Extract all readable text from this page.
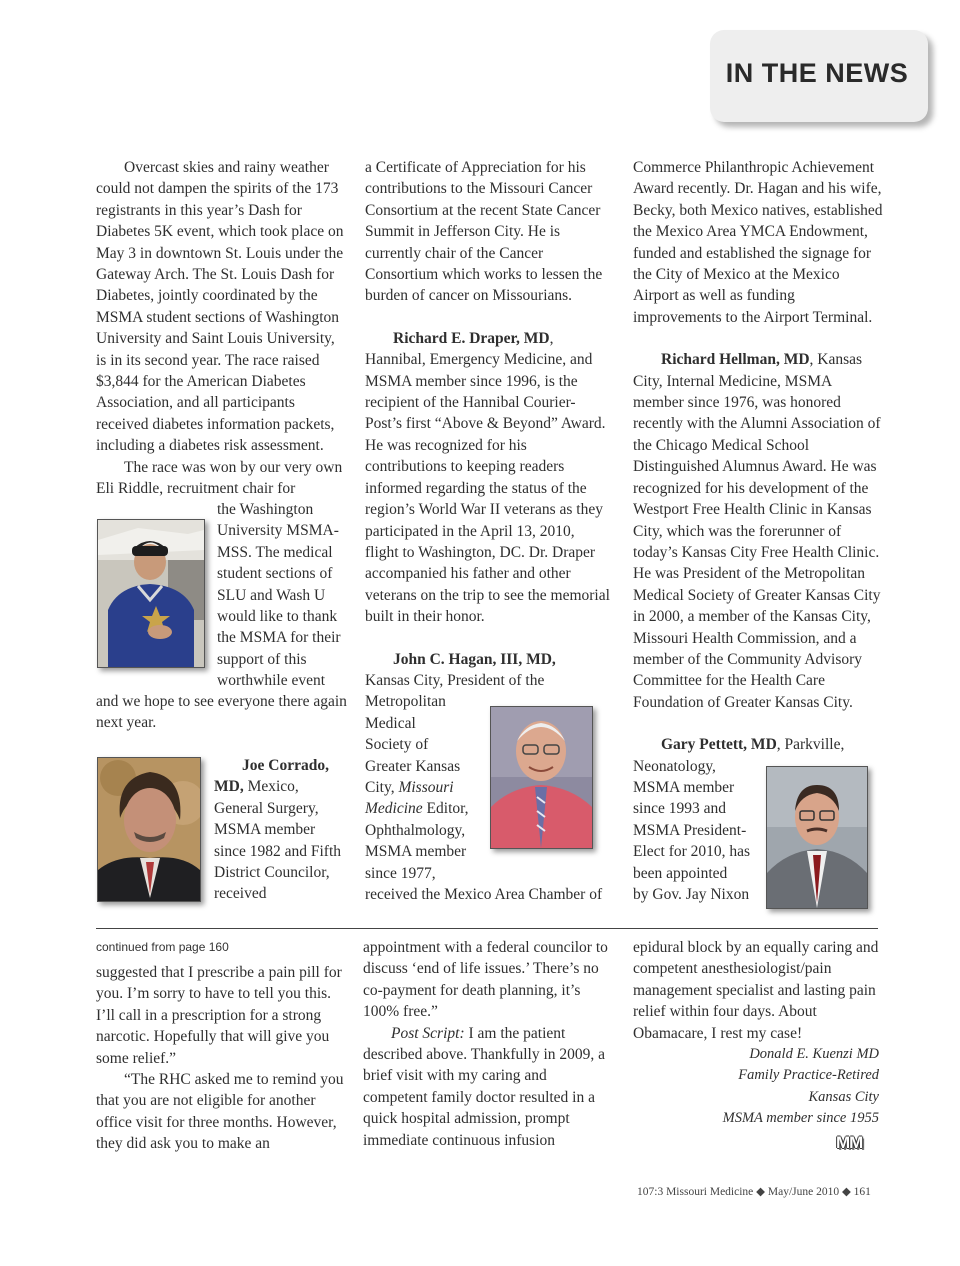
IN THE NEWS

Overcast skies and rainy weather could not dampen the spirits of the 173 registrants in this year’s Dash for Diabetes 5K event, which took place on May 3 in downtown St. Louis under the Gateway Arch. The St. Louis Dash for Diabetes, jointly coordinated by the MSMA student sections of Washington University and Saint Louis University, is in its second year. The race raised $3,844 for the American Diabetes Association, and all participants received diabetes information packets, including a diabetes risk assessment.

The race was won by our very own Eli Riddle, recruitment chair for

the Washington University MSMA-MSS. The medical student sections of SLU and Wash U would like to thank the MSMA for their support of this worthwhile event

and we hope to see everyone there again next year.

Joe Corrado, MD, Mexico, General Surgery, MSMA member since 1982 and Fifth District Councilor, received

a Certificate of Appreciation for his contributions to the Missouri Cancer Consortium at the recent State Cancer Summit in Jefferson City. He is currently chair of the Cancer Consortium which works to lessen the burden of cancer on Missourians.

Richard E. Draper, MD, Hannibal, Emergency Medicine, and MSMA member since 1996, is the recipient of the Hannibal Courier-Post’s first “Above & Beyond” Award. He was recognized for his contributions to keeping readers informed regarding the status of the region’s World War II veterans as they participated in the April 13, 2010, flight to Washington, DC. Dr. Draper accompanied his father and other veterans on the trip to see the memorial built in their honor.

John C. Hagan, III, MD,

Kansas City, President of the

Metropolitan

Medical

Society of

Greater Kansas

City, Missouri

Medicine Editor,

Ophthalmology,

MSMA member

since 1977,

received the Mexico Area Chamber of

Commerce Philanthropic Achievement Award recently. Dr. Hagan and his wife, Becky, both Mexico natives, established the Mexico Area YMCA Endowment, funded and established the signage for the City of Mexico at the Mexico Airport as well as funding improvements to the Airport Terminal.

Richard Hellman, MD, Kansas City, Internal Medicine, MSMA member since 1976, was honored recently with the Alumni Association of the Chicago Medical School Distinguished Alumnus Award. He was recognized for his development of the Westport Free Health Clinic in Kansas City, which was the forerunner of today’s Kansas City Free Health Clinic. He was President of the Metropolitan Medical Society of Greater Kansas City in 2000, a member of the Kansas City, Missouri Health Commission, and a member of the Community Advisory Committee for the Health Care Foundation of Greater Kansas City.

Gary Pettett, MD, Parkville,

Neonatology,

MSMA member

since 1993 and

MSMA President-

Elect for 2010, has

been appointed

by Gov. Jay Nixon

continued from page 160

suggested that I prescribe a pain pill for you. I’m sorry to have to tell you this. I’ll call in a prescription for a strong narcotic. Hopefully that will give you some relief.”

“The RHC asked me to remind you that you are not eligible for another office visit for three months. However, they did ask you to make an

appointment with a federal councilor to discuss ‘end of life issues.’ There’s no co-payment for death planning, it’s 100% free.”

Post Script: I am the patient described above. Thankfully in 2009, a brief visit with my caring and competent family doctor resulted in a quick hospital admission, prompt immediate continuous infusion

epidural block by an equally caring and competent anesthesiologist/pain management specialist and lasting pain relief within four days. About Obamacare, I rest my case!

Donald E. Kuenzi MD

Family Practice-Retired

Kansas City

MSMA member since 1955

MM
107:3 Missouri Medicine ◆ May/June 2010 ◆ 161
